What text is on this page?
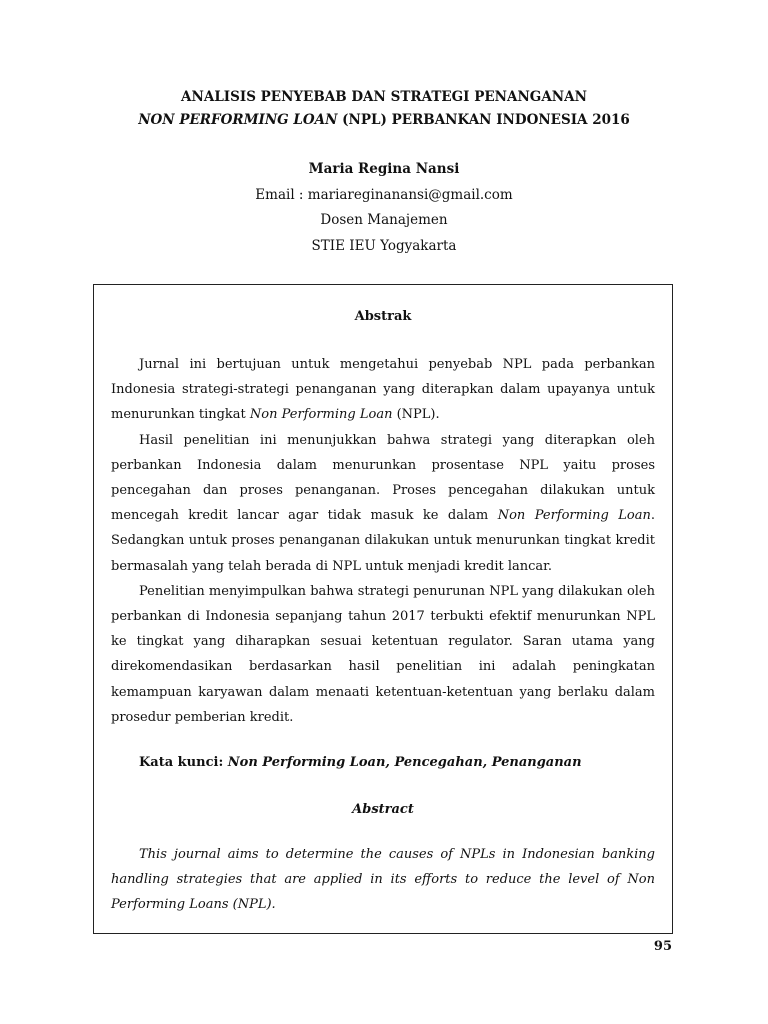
ANALISIS PENYEBAB DAN STRATEGI PENANGANAN
NON PERFORMING LOAN (NPL) PERBANKAN INDONESIA 2016
Maria Regina Nansi
Email : mariareginanansi@gmail.com
Dosen Manajemen
STIE IEU Yogyakarta
Abstrak

Jurnal ini bertujuan untuk mengetahui penyebab NPL pada perbankan Indonesia strategi-strategi penanganan yang diterapkan dalam upayanya untuk menurunkan tingkat Non Performing Loan (NPL).

Hasil penelitian ini menunjukkan bahwa strategi yang diterapkan oleh perbankan Indonesia dalam menurunkan prosentase NPL yaitu proses pencegahan dan proses penanganan. Proses pencegahan dilakukan untuk mencegah kredit lancar agar tidak masuk ke dalam Non Performing Loan. Sedangkan untuk proses penanganan dilakukan untuk menurunkan tingkat kredit bermasalah yang telah berada di NPL untuk menjadi kredit lancar.

Penelitian menyimpulkan bahwa strategi penurunan NPL yang dilakukan oleh perbankan di Indonesia sepanjang tahun 2017 terbukti efektif menurunkan NPL ke tingkat yang diharapkan sesuai ketentuan regulator. Saran utama yang direkomendasikan berdasarkan hasil penelitian ini adalah peningkatan kemampuan karyawan dalam menaati ketentuan-ketentuan yang berlaku dalam prosedur pemberian kredit.

Kata kunci: Non Performing Loan, Pencegahan, Penanganan
Abstract

This journal aims to determine the causes of NPLs in Indonesian banking handling strategies that are applied in its efforts to reduce the level of Non Performing Loans (NPL).

95
